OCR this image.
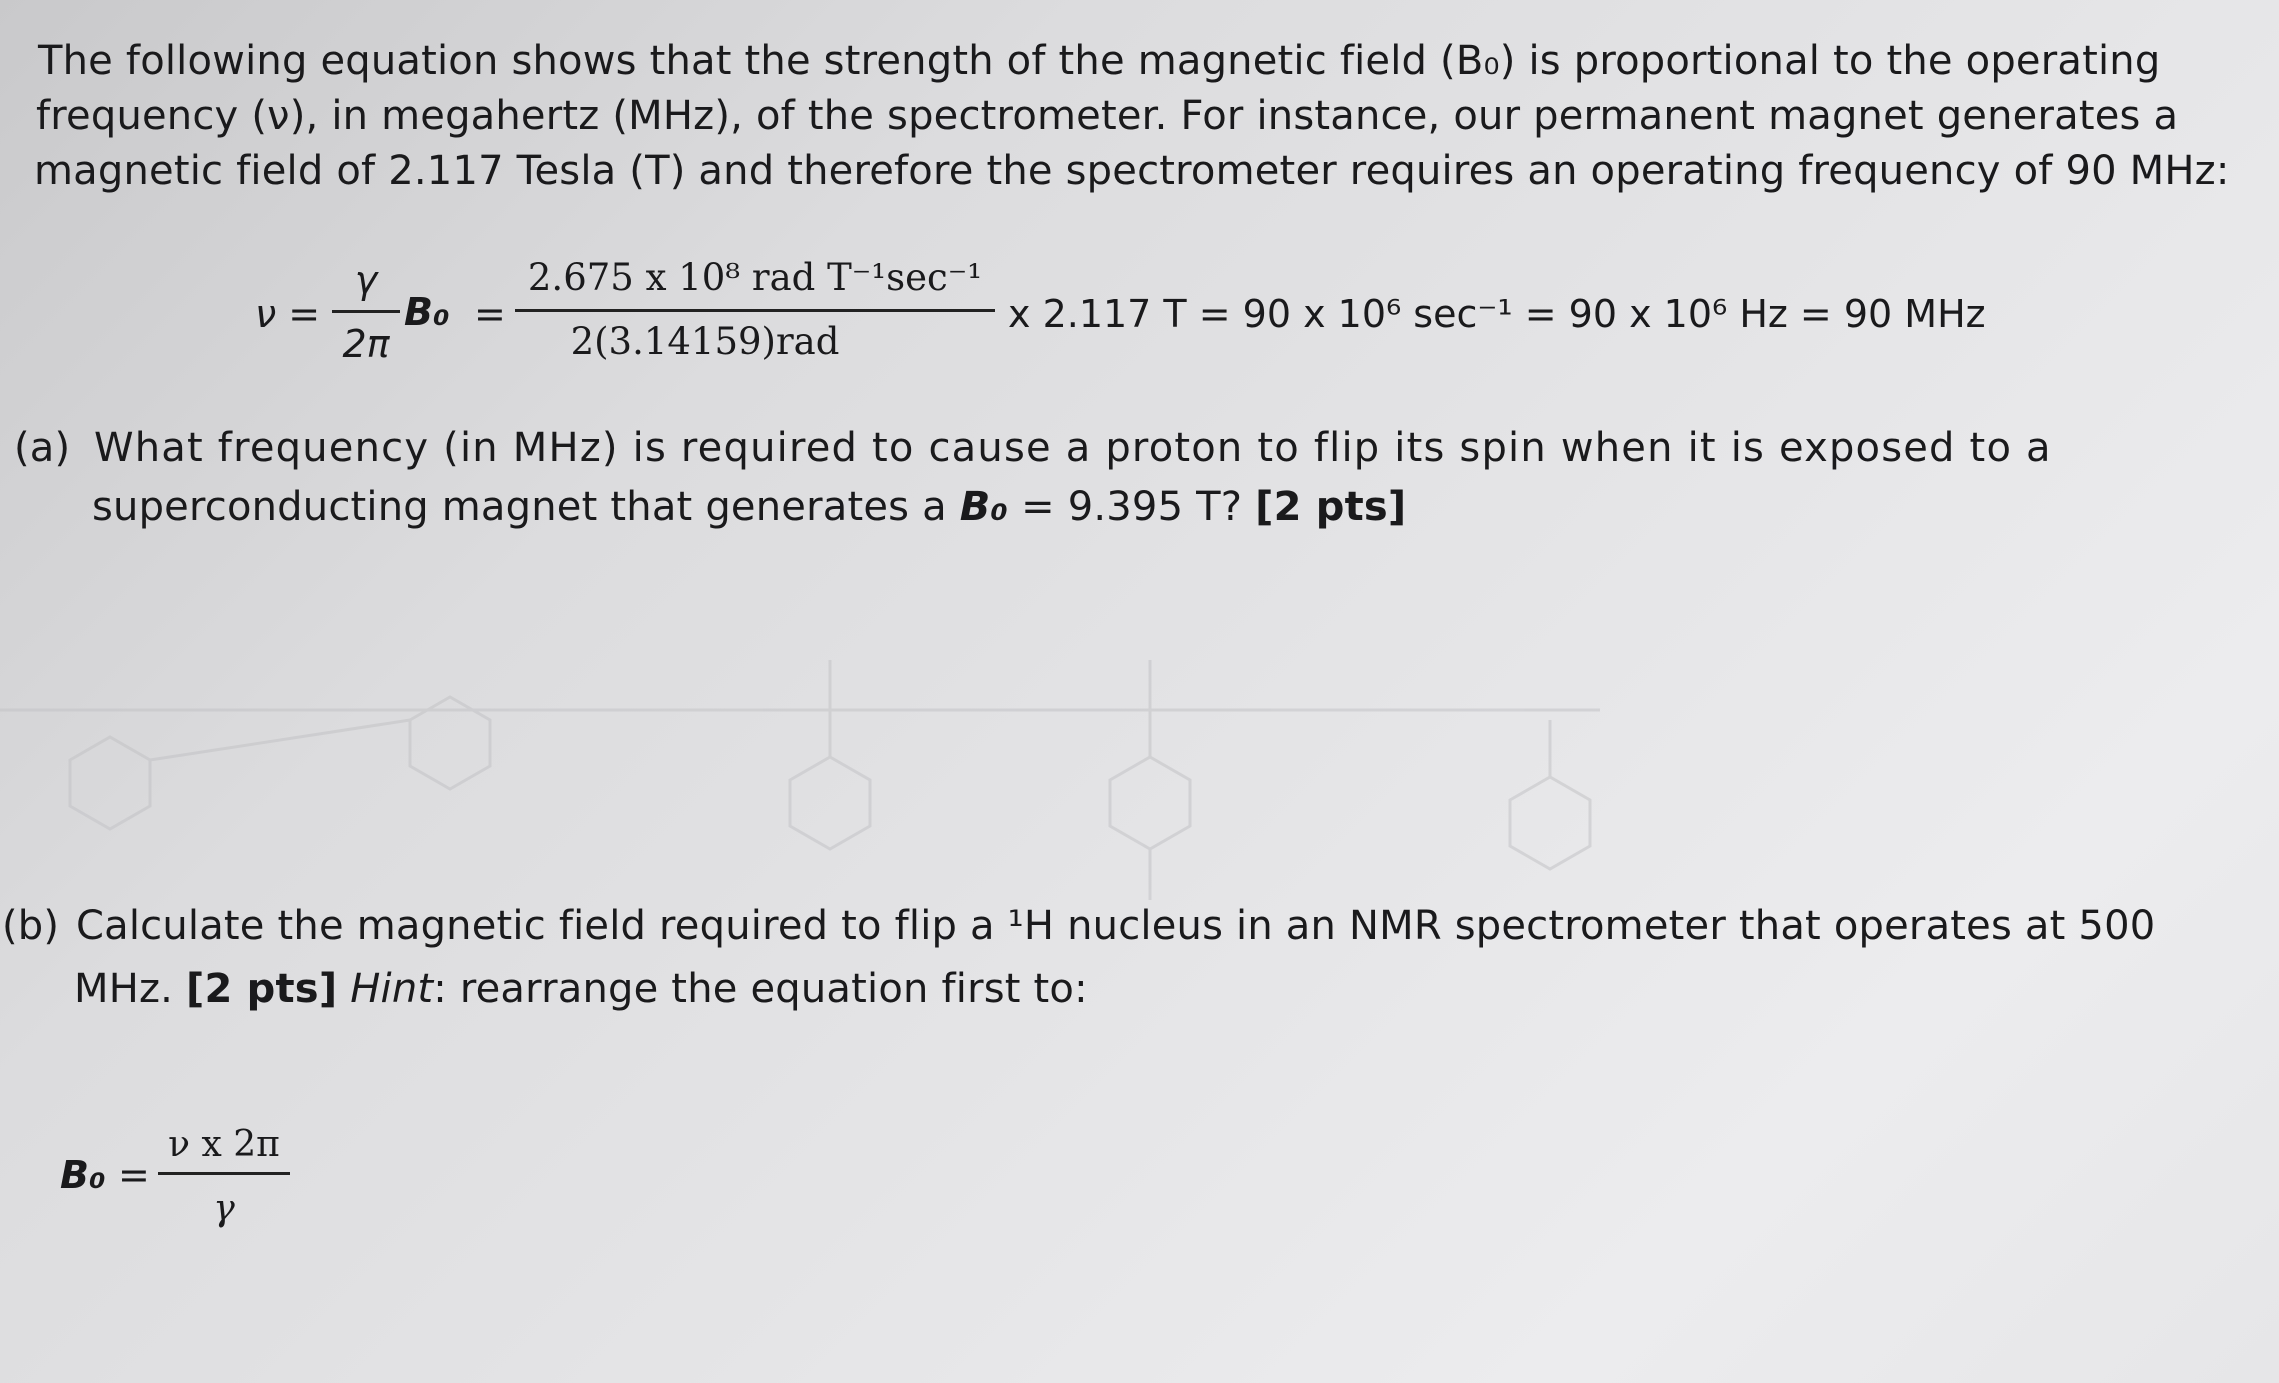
The following equation shows that the strength of the magnetic field (B₀) is proportional to the operating
frequency (ν), in megahertz (MHz), of the spectrometer. For instance, our permanent magnet generates a
magnetic field of 2.117 Tesla (T) and therefore the spectrometer requires an operating frequency of 90 MHz:
ν =
γ
2π
B₀ =
2.675 x 10⁸ rad T⁻¹sec⁻¹
2(3.14159)rad
x 2.117 T = 90 x 10⁶ sec⁻¹ = 90 x 10⁶ Hz = 90 MHz
(a) What frequency (in MHz) is required to cause a proton to flip its spin when it is exposed to a
superconducting magnet that generates a B₀ = 9.395 T? [2 pts]
(b) Calculate the magnetic field required to flip a ¹H nucleus in an NMR spectrometer that operates at 500
MHz. [2 pts] Hint: rearrange the equation first to:
B₀ =
ν x 2π
γ
